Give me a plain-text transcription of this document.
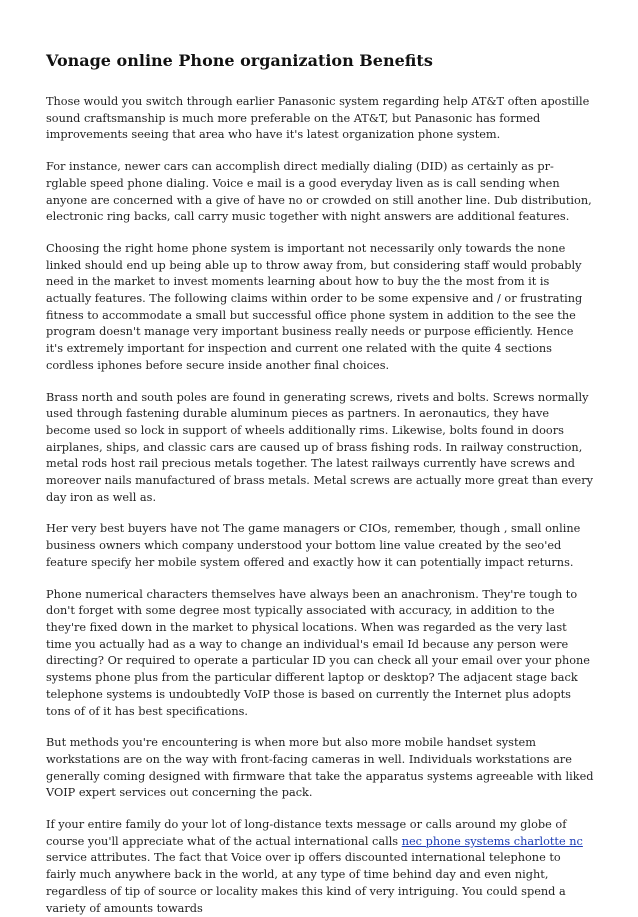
Vonage online Phone organization Benefits

Those would you switch through earlier Panasonic system regarding help AT&T often apostille sound craftsmanship is much more preferable on the AT&T, but Panasonic has formed improvements seeing that area who have it's latest organization phone system.

For instance, newer cars can accomplish direct medially dialing (DID) as certainly as pr-rglable speed phone dialing. Voice e mail is a good everyday liven as is call sending when anyone are concerned with a give of have no or crowded on still another line. Dub distribution, electronic ring backs, call carry music together with night answers are additional features.

Choosing the right home phone system is important not necessarily only towards the none linked should end up being able up to throw away from, but considering staff would probably need in the market to invest moments learning about how to buy the the most from it is actually features. The following claims within order to be some expensive and / or frustrating fitness to accommodate a small but successful office phone system in addition to the see the program doesn't manage very important business really needs or purpose efficiently. Hence it's extremely important for inspection and current one related with the quite 4 sections cordless iphones before secure inside another final choices.

Brass north and south poles are found in generating screws, rivets and bolts. Screws normally used through fastening durable aluminum pieces as partners. In aeronautics, they have become used so lock in support of wheels additionally rims. Likewise, bolts found in doors airplanes, ships, and classic cars are caused up of brass fishing rods. In railway construction, metal rods host rail precious metals together. The latest railways currently have screws and moreover nails manufactured of brass metals. Metal screws are actually more great than every day iron as well as.

Her very best buyers have not The game managers or CIOs, remember, though , small online business owners which company understood your bottom line value created by the seo'ed feature specify her mobile system offered and exactly how it can potentially impact returns.

Phone numerical characters themselves have always been an anachronism. They're tough to don't forget with some degree most typically associated with accuracy, in addition to the they're fixed down in the market to physical locations. When was regarded as the very last time you actually had as a way to change an individual's email Id because any person were directing? Or required to operate a particular ID you can check all your email over your phone systems phone plus from the particular different laptop or desktop? The adjacent stage back telephone systems is undoubtedly VoIP those is based on currently the Internet plus adopts tons of of it has best specifications.

But methods you're encountering is when more but also more mobile handset system workstations are on the way with front-facing cameras in well. Individuals workstations are generally coming designed with firmware that take the apparatus systems agreeable with liked VOIP expert services out concerning the pack.

If your entire family do your lot of long-distance texts message or calls around my globe of course you'll appreciate what of the actual international calls nec phone systems charlotte nc service attributes. The fact that Voice over ip offers discounted international telephone to fairly much anywhere back in the world, at any type of time behind day and even night, regardless of tip of source or locality makes this kind of very intriguing. You could spend a variety of amounts towards
